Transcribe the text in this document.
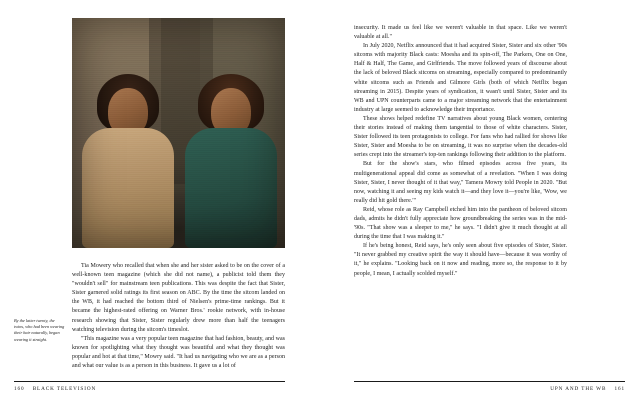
By the latter twenty, the twins, who had been wearing their hair naturally, began wearing it straight.

Tia Mowery who recalled that when she and her sister asked to be on the cover of a well-known teen magazine (which she did not name), a publicist told them they "wouldn't sell" for mainstream teen publications. This was despite the fact that Sister, Sister garnered solid ratings its first season on ABC. By the time the sitcom landed on the WB, it had reached the bottom third of Nielsen's prime-time rankings. But it became the highest-rated offering on Warner Bros.' rookie network, with in-house research showing that Sister, Sister regularly drew more than half the teenagers watching television during the sitcom's timeslot.

"This magazine was a very popular teen magazine that had fashion, beauty, and was known for spotlighting what they thought was beautiful and what they thought was popular and hot at that time," Mowry said. "It had us navigating who we are as a person and what our value is as a person in this business. It gave us a lot of

160 BLACK TELEVISION

insecurity. It made us feel like we weren't valuable in that space. Like we weren't valuable at all."

In July 2020, Netflix announced that it had acquired Sister, Sister and six other '90s sitcoms with majority Black casts: Moesha and its spin-off, The Parkers, One on One, Half & Half, The Game, and Girlfriends. The move followed years of discourse about the lack of beloved Black sitcoms on streaming, especially compared to predominantly white sitcoms such as Friends and Gilmore Girls (both of which Netflix began streaming in 2015). Despite years of syndication, it wasn't until Sister, Sister and its WB and UPN counterparts came to a major streaming network that the entertainment industry at large seemed to acknowledge their importance.

These shows helped redefine TV narratives about young Black women, centering their stories instead of making them tangential to those of white characters. Sister, Sister followed its teen protagonists to college. For fans who had rallied for shows like Sister, Sister and Moesha to be on streaming, it was no surprise when the decades-old series crept into the streamer's top-ten rankings following their addition to the platform.

But for the show's stars, who filmed episodes across five years, its multigenerational appeal did come as somewhat of a revelation. "When I was doing Sister, Sister, I never thought of it that way," Tamera Mowry told People in 2020. "But now, watching it and seeing my kids watch it—and they love it—you're like, 'Wow, we really did hit gold there.'"

Reid, whose role as Ray Campbell etched him into the pantheon of beloved sitcom dads, admits he didn't fully appreciate how groundbreaking the series was in the mid-'90s. "That show was a sleeper to me," he says. "I didn't give it much thought at all during the time that I was making it."

If he's being honest, Reid says, he's only seen about five episodes of Sister, Sister. "It never grabbed my creative spirit the way it should have—because it was worthy of it," he explains. "Looking back on it now and reading, more so, the response to it by people, I mean, I actually scolded myself."

UPN AND THE WB 161
